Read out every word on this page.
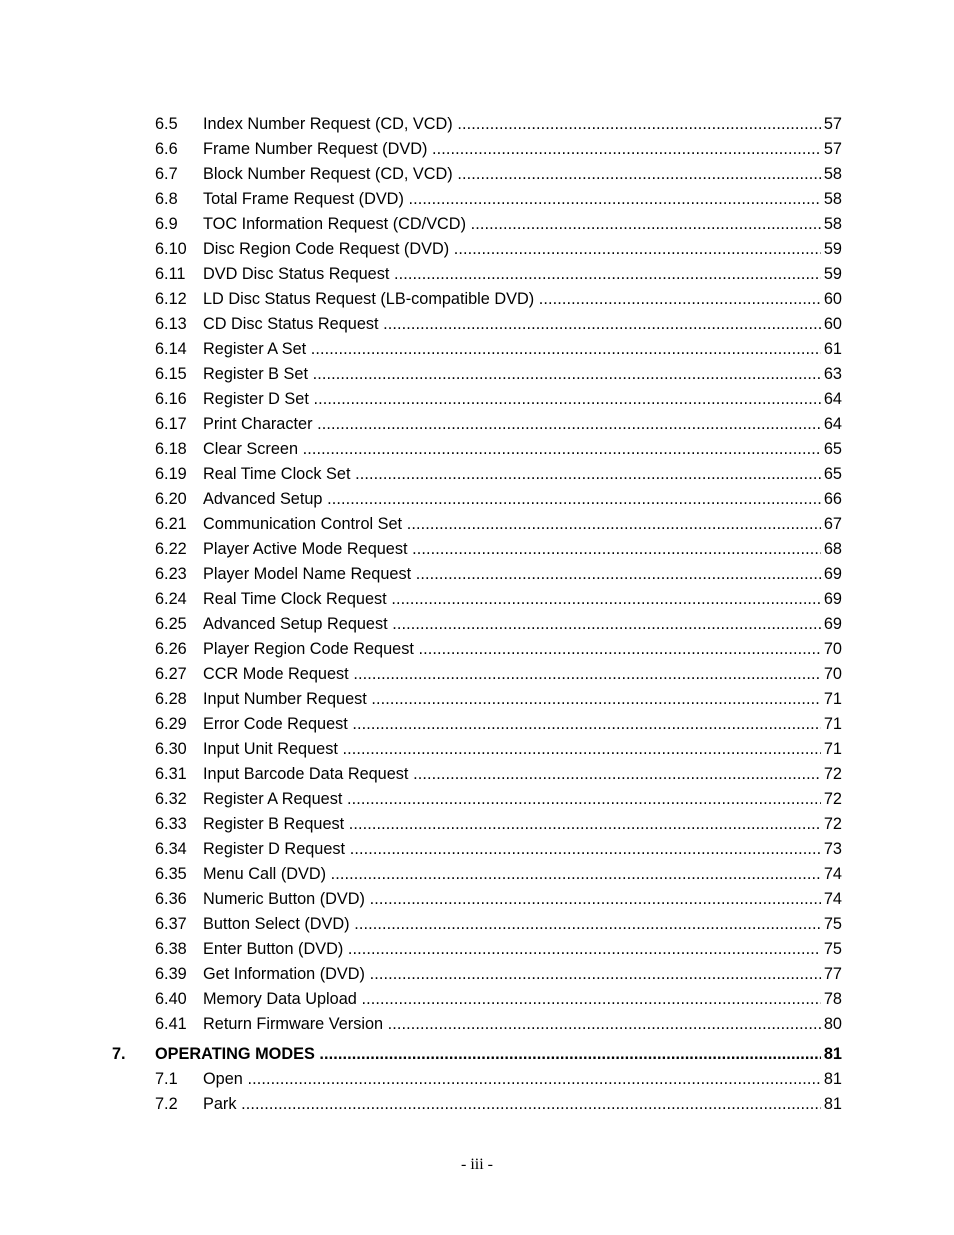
6.5 Index Number Request (CD, VCD) .....	57
6.6 Frame Number Request (DVD) .....	57
6.7 Block Number Request (CD, VCD) .....	58
6.8 Total Frame Request (DVD) .....	58
6.9 TOC Information Request (CD/VCD) .....	58
6.10 Disc Region Code Request (DVD) .....	59
6.11 DVD Disc Status Request .....	59
6.12 LD Disc Status Request (LB-compatible DVD) .....	60
6.13 CD Disc Status Request .....	60
6.14 Register A Set .....	61
6.15 Register B Set .....	63
6.16 Register D Set .....	64
6.17 Print Character .....	64
6.18 Clear Screen .....	65
6.19 Real Time Clock Set .....	65
6.20 Advanced Setup .....	66
6.21 Communication Control Set .....	67
6.22 Player Active Mode Request .....	68
6.23 Player Model Name Request .....	69
6.24 Real Time Clock Request .....	69
6.25 Advanced Setup Request .....	69
6.26 Player Region Code Request .....	70
6.27 CCR Mode Request .....	70
6.28 Input Number Request .....	71
6.29 Error Code Request .....	71
6.30 Input Unit Request .....	71
6.31 Input Barcode Data Request .....	72
6.32 Register A Request .....	72
6.33 Register B Request .....	72
6.34 Register D Request .....	73
6.35 Menu Call (DVD) .....	74
6.36 Numeric Button (DVD) .....	74
6.37 Button Select (DVD) .....	75
6.38 Enter Button (DVD) .....	75
6.39 Get Information (DVD) .....	77
6.40 Memory Data Upload .....	78
6.41 Return Firmware Version .....	80
7. OPERATING MODES .....	81
7.1 Open .....	81
7.2 Park .....	81
- iii -
